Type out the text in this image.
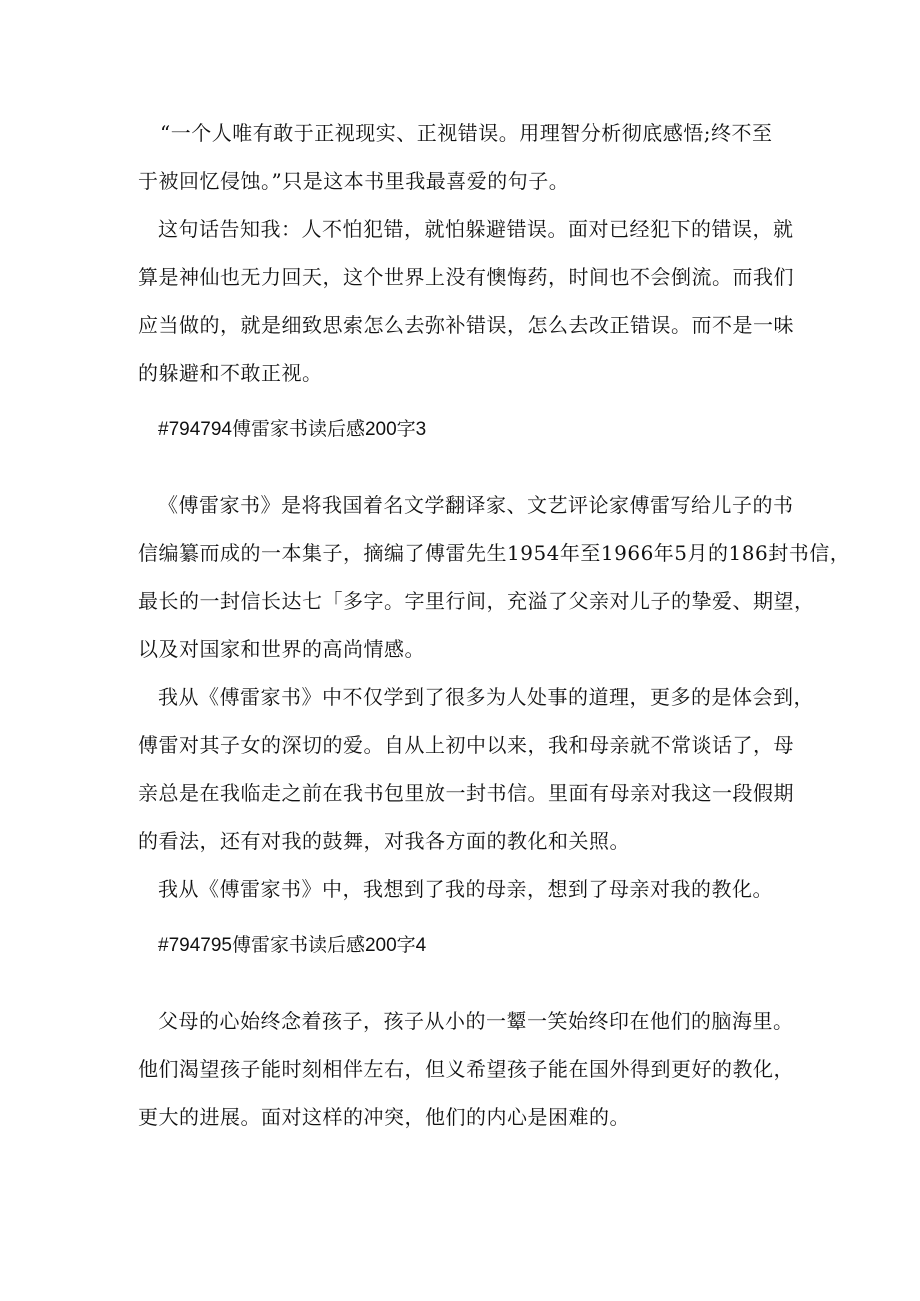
“一个人唯有敢于正视现实、正视错误。用理智分析彻底感悟;终不至
于被回忆侵蚀。”只是这本书里我最喜爱的句子。
这句话告知我：人不怕犯错，就怕躲避错误。面对已经犯下的错误，就
算是神仙也无力回天，这个世界上没有懊悔药，时间也不会倒流。而我们
应当做的，就是细致思索怎么去弥补错误，怎么去改正错误。而不是一味
的躲避和不敢正视。
#794794傅雷家书读后感200字3
《傅雷家书》是将我国着名文学翻译家、文艺评论家傅雷写给儿子的书
信编纂而成的一本集子，摘编了傅雷先生1954年至1966年5月的186封书信，
最长的一封信长达七「多字。字里行间，充溢了父亲对儿子的挚爱、期望，
以及对国家和世界的高尚情感。
我从《傅雷家书》中不仅学到了很多为人处事的道理，更多的是体会到，
傅雷对其子女的深切的爱。自从上初中以来，我和母亲就不常谈话了，母
亲总是在我临走之前在我书包里放一封书信。里面有母亲对我这一段假期
的看法，还有对我的鼓舞，对我各方面的教化和关照。
我从《傅雷家书》中，我想到了我的母亲，想到了母亲对我的教化。
#794795傅雷家书读后感200字4
父母的心始终念着孩子，孩子从小的一颦一笑始终印在他们的脑海里。
他们渴望孩子能时刻相伴左右，但义希望孩子能在国外得到更好的教化，
更大的进展。面对这样的冲突，他们的内心是困难的。
